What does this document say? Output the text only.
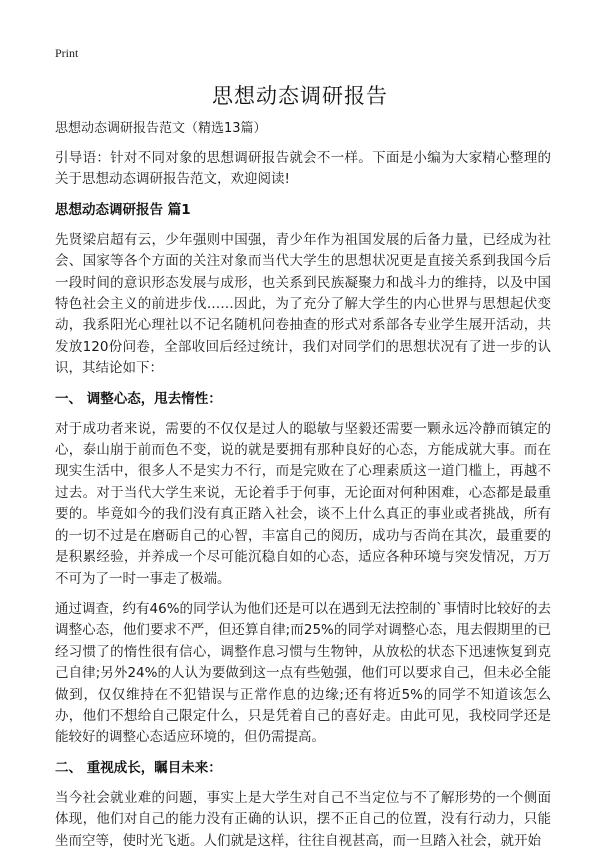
Print
思想动态调研报告

思想动态调研报告范文（精选13篇）

引导语：针对不同对象的思想调研报告就会不一样。下面是小编为大家精心整理的关于思想动态调研报告范文，欢迎阅读!

思想动态调研报告 篇1

先贤梁启超有云，少年强则中国强，青少年作为祖国发展的后备力量，已经成为社会、国家等各个方面的关注对象而当代大学生的思想状况更是直接关系到我国今后一段时间的意识形态发展与成形，也关系到民族凝聚力和战斗力的维持，以及中国特色社会主义的前进步伐……因此，为了充分了解大学生的内心世界与思想起伏变动，我系阳光心理社以不记名随机问卷抽查的形式对系部各专业学生展开活动，共发放120份问卷，全部收回后经过统计，我们对同学们的思想状况有了进一步的认识，其结论如下：

一、 调整心态，甩去惰性：

对于成功者来说，需要的不仅仅是过人的聪敏与坚毅还需要一颗永远冷静而镇定的心，泰山崩于前而色不变，说的就是要拥有那种良好的心态，方能成就大事。而在现实生活中，很多人不是实力不行，而是完败在了心理素质这一道门槛上，再越不过去。对于当代大学生来说，无论着手于何事，无论面对何种困难，心态都是最重要的。毕竟如今的我们没有真正踏入社会，谈不上什么真正的事业或者挑战，所有的一切不过是在磨砺自己的心智，丰富自己的阅历，成功与否尚在其次，最重要的是积累经验，并养成一个尽可能沉稳自如的心态，适应各种环境与突发情况，万万不可为了一时一事走了极端。

通过调查，约有46%的同学认为他们还是可以在遇到无法控制的`事情时比较好的去调整心态，他们要求不严，但还算自律;而25%的同学对调整心态，甩去假期里的已经习惯了的惰性很有信心，调整作息习惯与生物钟，从放松的状态下迅速恢复到克己自律;另外24%的人认为要做到这一点有些勉强，他们可以要求自己，但未必全能做到，仅仅维持在不犯错误与正常作息的边缘;还有将近5%的同学不知道该怎么办，他们不想给自己限定什么，只是凭着自己的喜好走。由此可见，我校同学还是能较好的调整心态适应环境的，但仍需提高。

二、 重视成长，瞩目未来：

当今社会就业难的问题，事实上是大学生对自己不当定位与不了解形势的一个侧面体现，他们对自己的能力没有正确的认识，摆不正自己的位置，没有行动力，只能坐而空等，使时光飞逝。人们就是这样，往往自视甚高，而一旦踏入社会，就开始
